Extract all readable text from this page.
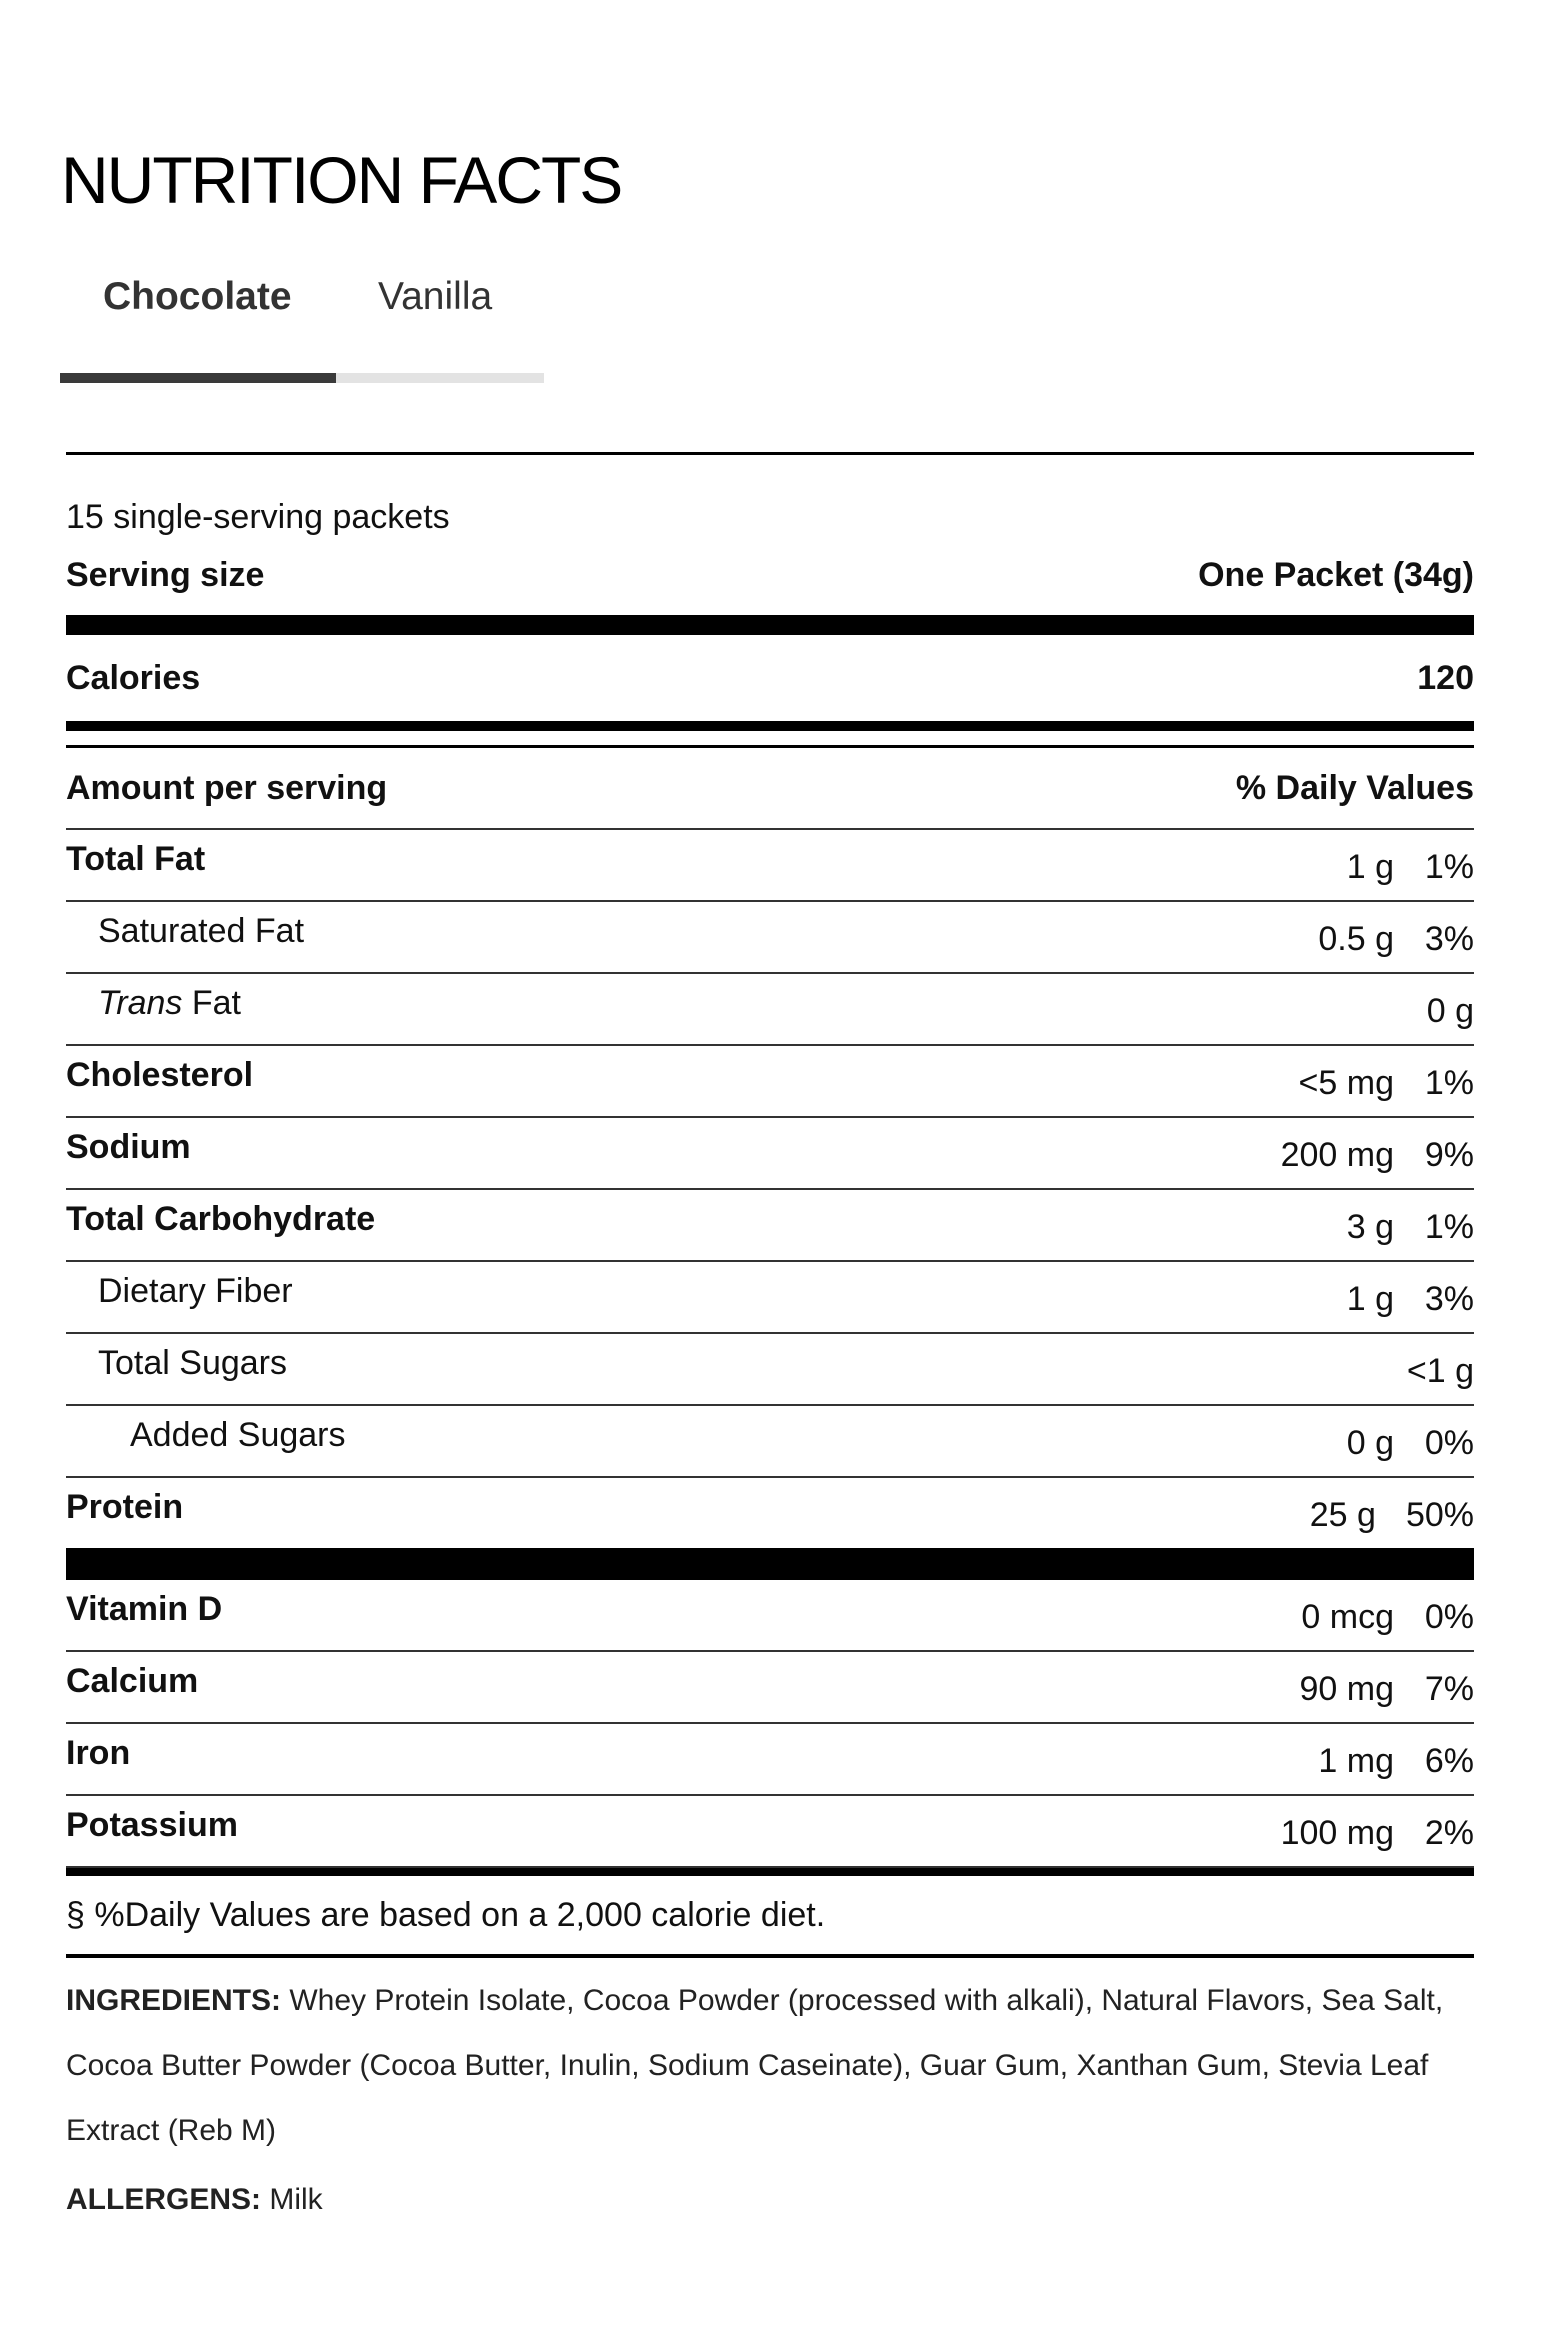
NUTRITION FACTS
Chocolate Vanilla
15 single-serving packets
Serving size	One Packet (34g)
Calories	120
Amount per serving	% Daily Values
Total Fat	1 g 1%
Saturated Fat	0.5 g 3%
Trans Fat	0 g
Cholesterol	<5 mg 1%
Sodium	200 mg 9%
Total Carbohydrate	3 g 1%
Dietary Fiber	1 g 3%
Total Sugars	<1 g
Added Sugars	0 g 0%
Protein	25 g 50%
Vitamin D	0 mcg 0%
Calcium	90 mg 7%
Iron	1 mg 6%
Potassium	100 mg 2%
§ %Daily Values are based on a 2,000 calorie diet.
INGREDIENTS: Whey Protein Isolate, Cocoa Powder (processed with alkali), Natural Flavors, Sea Salt, Cocoa Butter Powder (Cocoa Butter, Inulin, Sodium Caseinate), Guar Gum, Xanthan Gum, Stevia Leaf Extract (Reb M)
ALLERGENS: Milk
